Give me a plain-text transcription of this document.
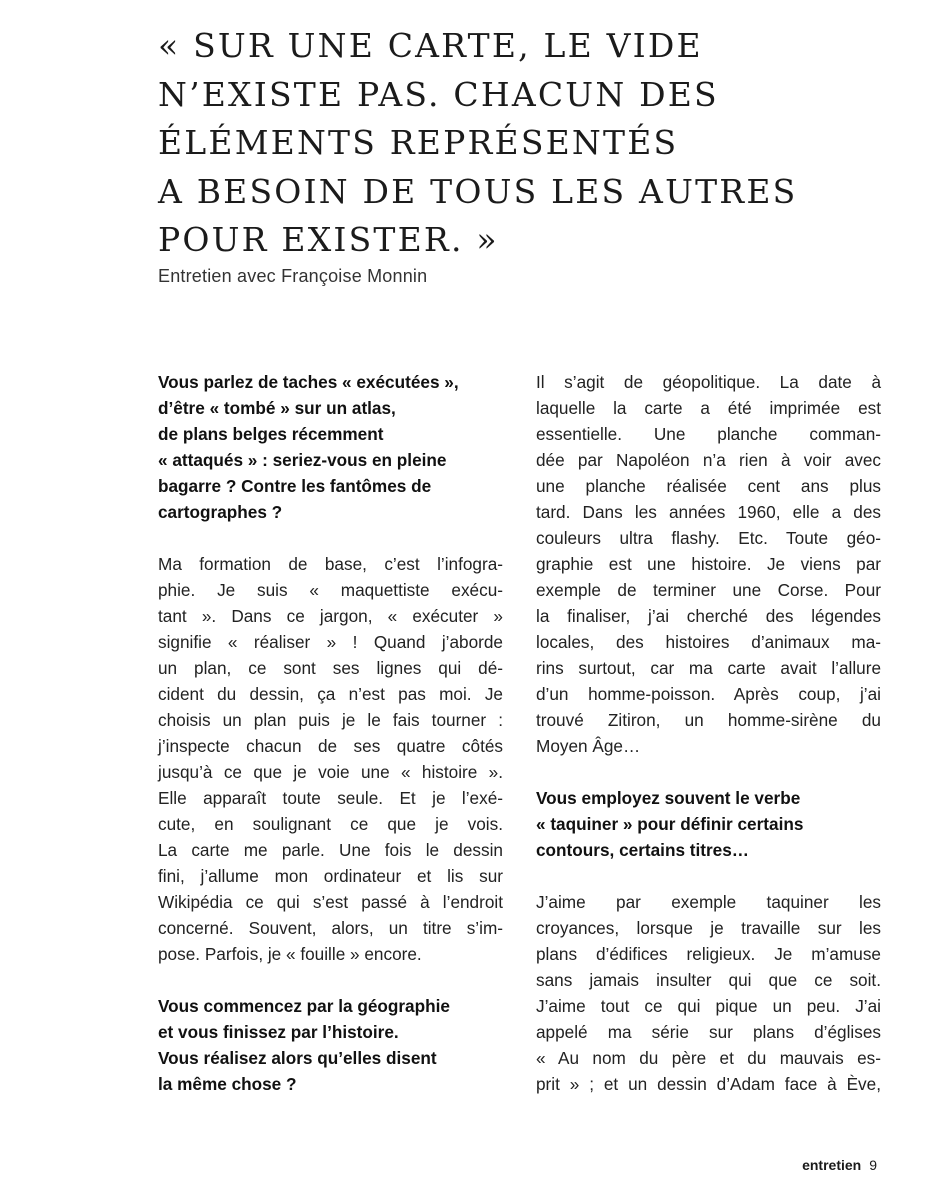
« SUR UNE CARTE, LE VIDE
N’EXISTE PAS. CHACUN DES
ÉLÉMENTS REPRÉSENTÉS
A BESOIN DE TOUS LES AUTRES
POUR EXISTER. »
Entretien avec Françoise Monnin

Vous parlez de taches « exécutées »,
d’être « tombé » sur un atlas,
de plans belges récemment
« attaqués » : seriez-vous en pleine
bagarre ? Contre les fantômes de
cartographes ?

Ma formation de base, c’est l’infogra-
phie. Je suis « maquettiste exécu-
tant ». Dans ce jargon, « exécuter »
signifie « réaliser » ! Quand j’aborde
un plan, ce sont ses lignes qui dé-
cident du dessin, ça n’est pas moi. Je
choisis un plan puis je le fais tourner :
j’inspecte chacun de ses quatre côtés
jusqu’à ce que je voie une « histoire ».
Elle apparaît toute seule. Et je l’exé-
cute, en soulignant ce que je vois.
La carte me parle. Une fois le dessin
fini, j’allume mon ordinateur et lis sur
Wikipédia ce qui s’est passé à l’endroit
concerné. Souvent, alors, un titre s’im-
pose. Parfois, je « fouille » encore.

Vous commencez par la géographie
et vous finissez par l’histoire.
Vous réalisez alors qu’elles disent
la même chose ?

Il s’agit de géopolitique. La date à
laquelle la carte a été imprimée est
essentielle. Une planche comman-
dée par Napoléon n’a rien à voir avec
une planche réalisée cent ans plus
tard. Dans les années 1960, elle a des
couleurs ultra flashy. Etc. Toute géo-
graphie est une histoire. Je viens par
exemple de terminer une Corse. Pour
la finaliser, j’ai cherché des légendes
locales, des histoires d’animaux ma-
rins surtout, car ma carte avait l’allure
d’un homme-poisson. Après coup, j’ai
trouvé Zitiron, un homme-sirène du
Moyen Âge…

Vous employez souvent le verbe
« taquiner » pour définir certains
contours, certains titres…

J’aime par exemple taquiner les
croyances, lorsque je travaille sur les
plans d’édifices religieux. Je m’amuse
sans jamais insulter qui que ce soit.
J’aime tout ce qui pique un peu. J’ai
appelé ma série sur plans d’églises
« Au nom du père et du mauvais es-
prit » ; et un dessin d’Adam face à Ève,

entretien 9
